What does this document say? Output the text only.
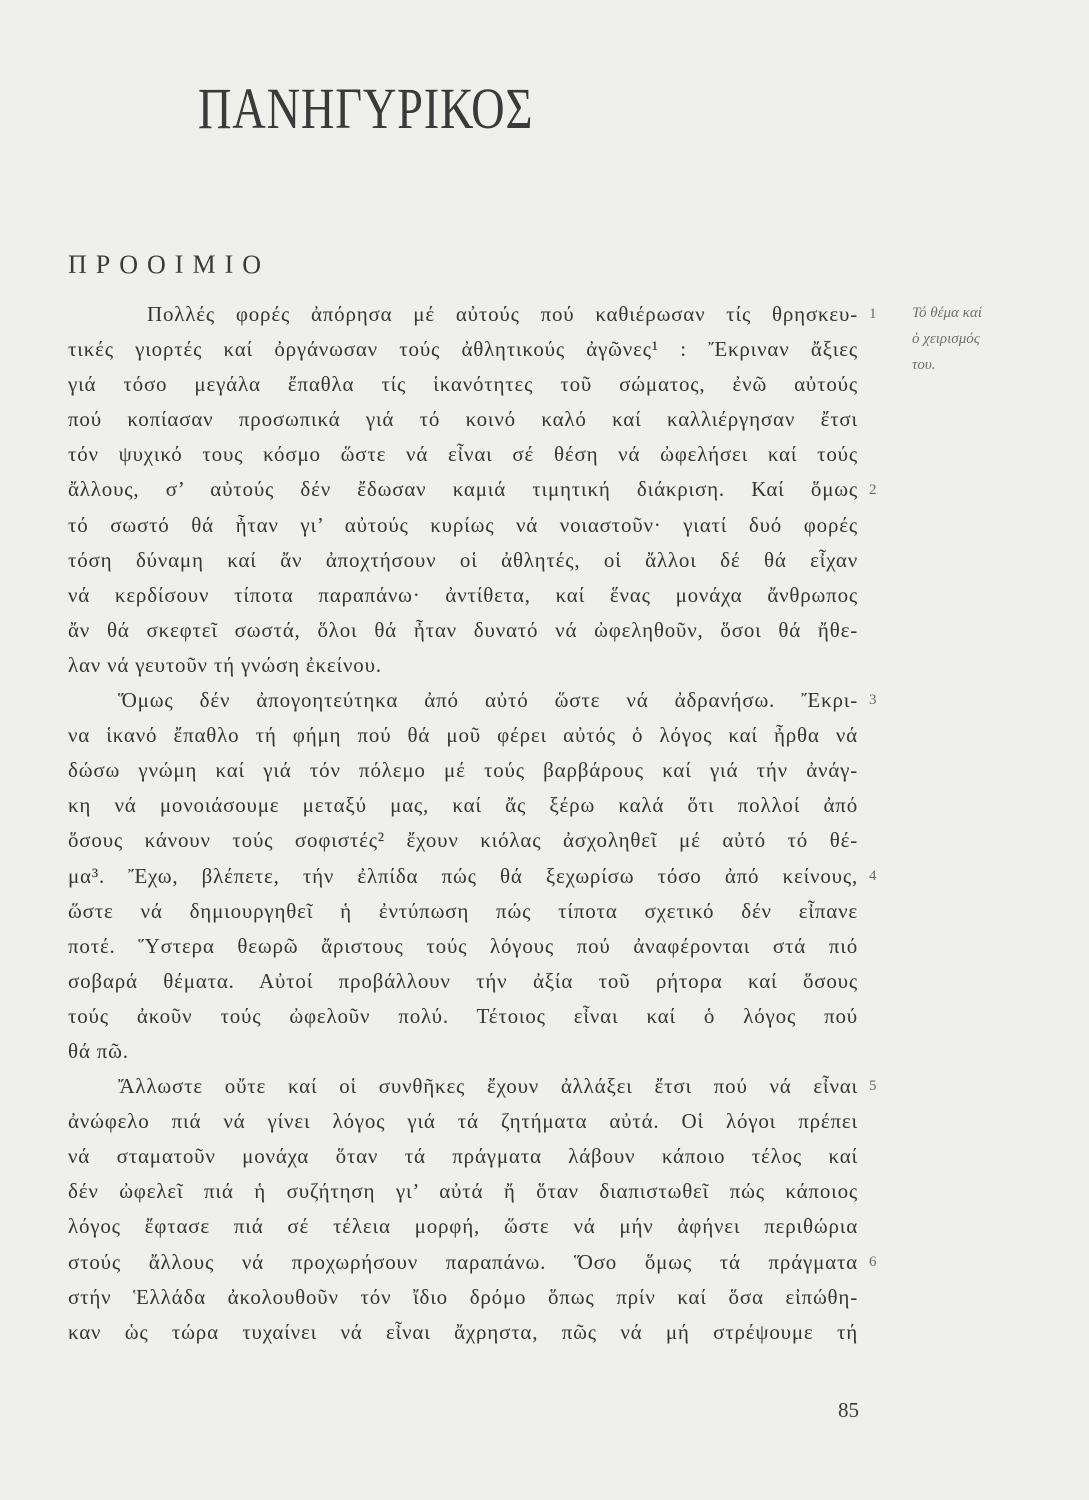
ΠΑΝΗΓΥΡΙΚΟΣ
ΠΡΟΟΙΜΙΟ
Πολλές φορές ἀπόρησα μέ αὐτούς πού καθιέρωσαν τίς θρησκευ-
τικές γιορτές καί ὀργάνωσαν τούς ἀθλητικούς ἀγῶνες¹ : Ἔκριναν ἄξιες
γιά τόσο μεγάλα ἔπαθλα τίς ἱκανότητες τοῦ σώματος, ἐνῶ αὐτούς
πού κοπίασαν προσωπικά γιά τό κοινό καλό καί καλλιέργησαν ἔτσι
τόν ψυχικό τους κόσμο ὥστε νά εἶναι σέ θέση νά ὠφελήσει καί τούς
ἄλλους, σ’ αὐτούς δέν ἔδωσαν καμιά τιμητική διάκριση. Καί ὅμως
τό σωστό θά ἦταν γι’ αὐτούς κυρίως νά νοιαστοῦν· γιατί δυό φορές
τόση δύναμη καί ἄν ἀποχτήσουν οἱ ἀθλητές, οἱ ἄλλοι δέ θά εἶχαν
νά κερδίσουν τίποτα παραπάνω· ἀντίθετα, καί ἕνας μονάχα ἄνθρωπος
ἄν θά σκεφτεῖ σωστά, ὅλοι θά ἦταν δυνατό νά ὠφεληθοῦν, ὅσοι θά ἤθε-
λαν νά γευτοῦν τή γνώση ἐκείνου.
Ὅμως δέν ἀπογοητεύτηκα ἀπό αὐτό ὥστε νά ἀδρανήσω. Ἔκρι-
να ἱκανό ἔπαθλο τή φήμη πού θά μοῦ φέρει αὐτός ὁ λόγος καί ἦρθα νά
δώσω γνώμη καί γιά τόν πόλεμο μέ τούς βαρβάρους καί γιά τήν ἀνάγ-
κη νά μονοιάσουμε μεταξύ μας, καί ἄς ξέρω καλά ὅτι πολλοί ἀπό
ὅσους κάνουν τούς σοφιστές² ἔχουν κιόλας ἀσχοληθεῖ μέ αὐτό τό θέ-
μα³. Ἔχω, βλέπετε, τήν ἐλπίδα πώς θά ξεχωρίσω τόσο ἀπό κείνους,
ὥστε νά δημιουργηθεῖ ἡ ἐντύπωση πώς τίποτα σχετικό δέν εἶπανε
ποτέ. Ὕστερα θεωρῶ ἄριστους τούς λόγους πού ἀναφέρονται στά πιό
σοβαρά θέματα. Αὐτοί προβάλλουν τήν ἀξία τοῦ ρήτορα καί ὅσους
τούς ἀκοῦν τούς ὠφελοῦν πολύ. Τέτοιος εἶναι καί ὁ λόγος πού
θά πῶ.
Ἄλλωστε οὔτε καί οἱ συνθῆκες ἔχουν ἀλλάξει ἔτσι πού νά εἶναι
ἀνώφελο πιά νά γίνει λόγος γιά τά ζητήματα αὐτά. Οἱ λόγοι πρέπει
νά σταματοῦν μονάχα ὅταν τά πράγματα λάβουν κάποιο τέλος καί
δέν ὠφελεῖ πιά ἡ συζήτηση γι’ αὐτά ἤ ὅταν διαπιστωθεῖ πώς κάποιος
λόγος ἔφτασε πιά σέ τέλεια μορφή, ὥστε νά μήν ἀφήνει περιθώρια
στούς ἄλλους νά προχωρήσουν παραπάνω. Ὅσο ὅμως τά πράγματα
στήν Ἑλλάδα ἀκολουθοῦν τόν ἴδιο δρόμο ὅπως πρίν καί ὅσα εἰπώθη-
καν ὡς τώρα τυχαίνει νά εἶναι ἄχρηστα, πῶς νά μή στρέψουμε τή
1
2
3
4
5
6
Τό θέμα καί
ὁ χειρισμός
του.
85
